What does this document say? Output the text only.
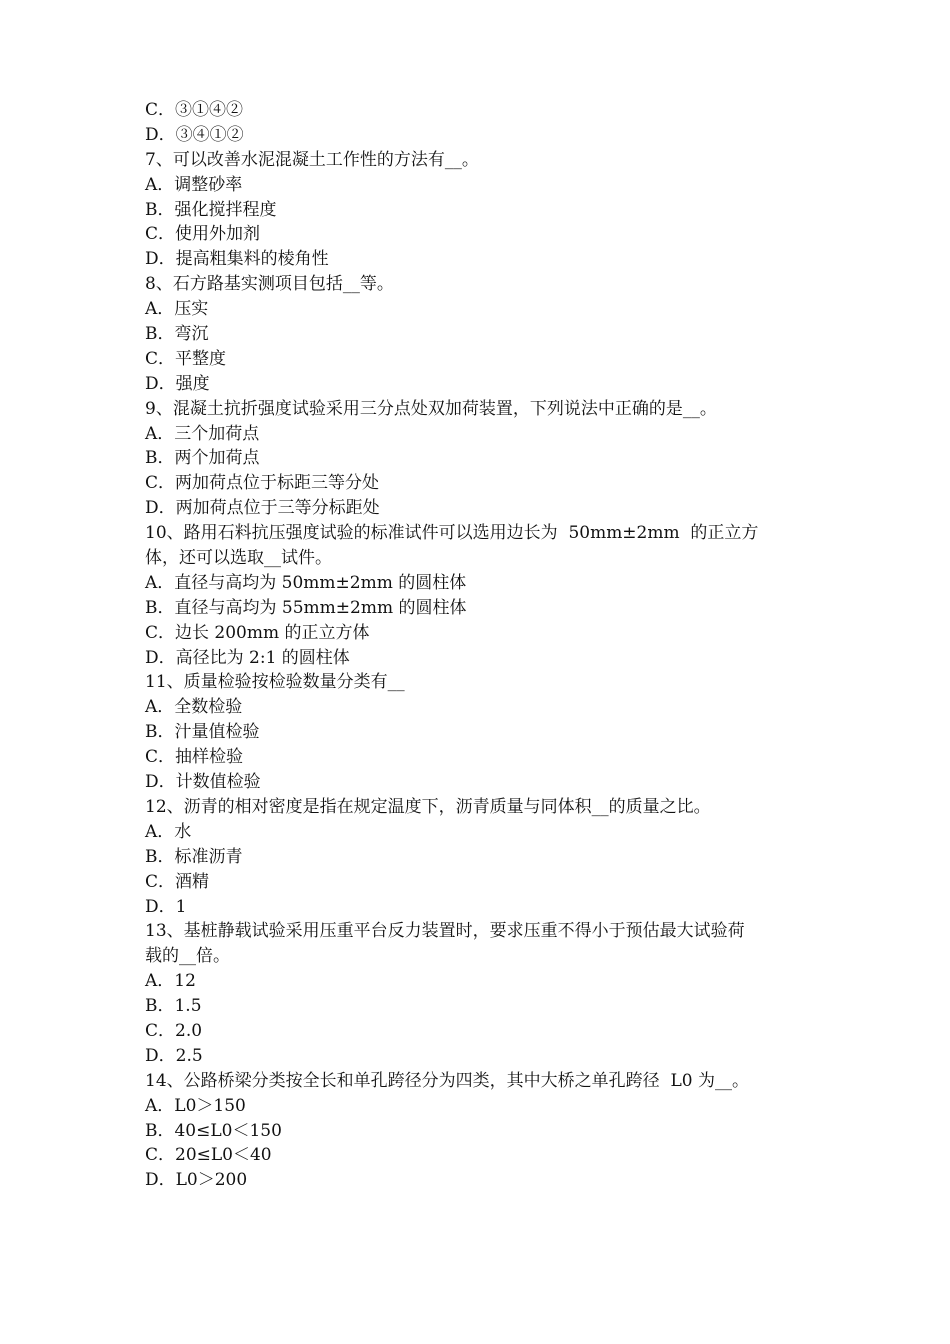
C．③①④②

D．③④①②

7、可以改善水泥混凝土工作性的方法有__。

A．调整砂率

B．强化搅拌程度

C．使用外加剂

D．提高粗集料的棱角性

8、石方路基实测项目包括__等。

A．压实

B．弯沉

C．平整度

D．强度

9、混凝土抗折强度试验采用三分点处双加荷装置，下列说法中正确的是__。

A．三个加荷点

B．两个加荷点

C．两加荷点位于标距三等分处

D．两加荷点位于三等分标距处

10、路用石料抗压强度试验的标准试件可以选用边长为  50mm±2mm  的正立方

体，还可以选取__试件。

A．直径与高均为 50mm±2mm 的圆柱体

B．直径与高均为 55mm±2mm 的圆柱体

C．边长 200mm 的正立方体

D．高径比为 2:1 的圆柱体

11、质量检验按检验数量分类有__

A．全数检验

B．汁量值检验

C．抽样检验

D．计数值检验

12、沥青的相对密度是指在规定温度下，沥青质量与同体积__的质量之比。

A．水

B．标准沥青

C．酒精

D．1

13、基桩静载试验采用压重平台反力装置时，要求压重不得小于预估最大试验荷

载的__倍。

A．12

B．1.5

C．2.0

D．2.5

14、公路桥梁分类按全长和单孔跨径分为四类，其中大桥之单孔跨径  L0 为__。

A．L0＞150

B．40≤L0＜150

C．20≤L0＜40

D．L0＞200
